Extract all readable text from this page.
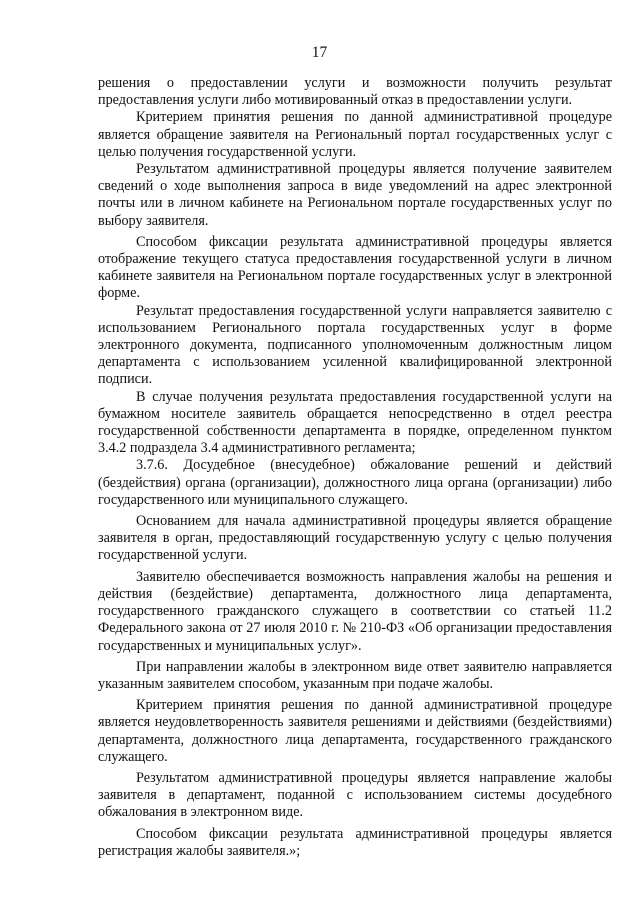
17

решения о предоставлении услуги и возможности получить результат предоставления услуги либо мотивированный отказ в предоставлении услуги.

Критерием принятия решения по данной административной процедуре является обращение заявителя на Региональный портал государственных услуг с целью получения государственной услуги.

Результатом административной процедуры является получение заявителем сведений о ходе выполнения запроса в виде уведомлений на адрес электронной почты или в личном кабинете на Региональном портале государственных услуг по выбору заявителя.

Способом фиксации результата административной процедуры является отображение текущего статуса предоставления государственной услуги в личном кабинете заявителя на Региональном портале государственных услуг в электронной форме.

Результат предоставления государственной услуги направляется заявителю с использованием Регионального портала государственных услуг в форме электронного документа, подписанного уполномоченным должностным лицом департамента с использованием усиленной квалифицированной электронной подписи.

В случае получения результата предоставления государственной услуги на бумажном носителе заявитель обращается непосредственно в отдел реестра государственной собственности департамента в порядке, определенном пунктом 3.4.2 подраздела 3.4 административного регламента;

3.7.6. Досудебное (внесудебное) обжалование решений и действий (бездействия) органа (организации), должностного лица органа (организации) либо государственного или муниципального служащего.

Основанием для начала административной процедуры является обращение заявителя в орган, предоставляющий государственную услугу с целью получения государственной услуги.

Заявителю обеспечивается возможность направления жалобы на решения и действия (бездействие) департамента, должностного лица департамента, государственного гражданского служащего в соответствии со статьей 11.2 Федерального закона от 27 июля 2010 г. № 210-ФЗ «Об организации предоставления государственных и муниципальных услуг».

При направлении жалобы в электронном виде ответ заявителю направляется указанным заявителем способом, указанным при подаче жалобы.

Критерием принятия решения по данной административной процедуре является неудовлетворенность заявителя решениями и действиями (бездействиями) департамента, должностного лица департамента, государственного гражданского служащего.

Результатом административной процедуры является направление жалобы заявителя в департамент, поданной с использованием системы досудебного обжалования в электронном виде.

Способом фиксации результата административной процедуры является регистрация жалобы заявителя.»;
